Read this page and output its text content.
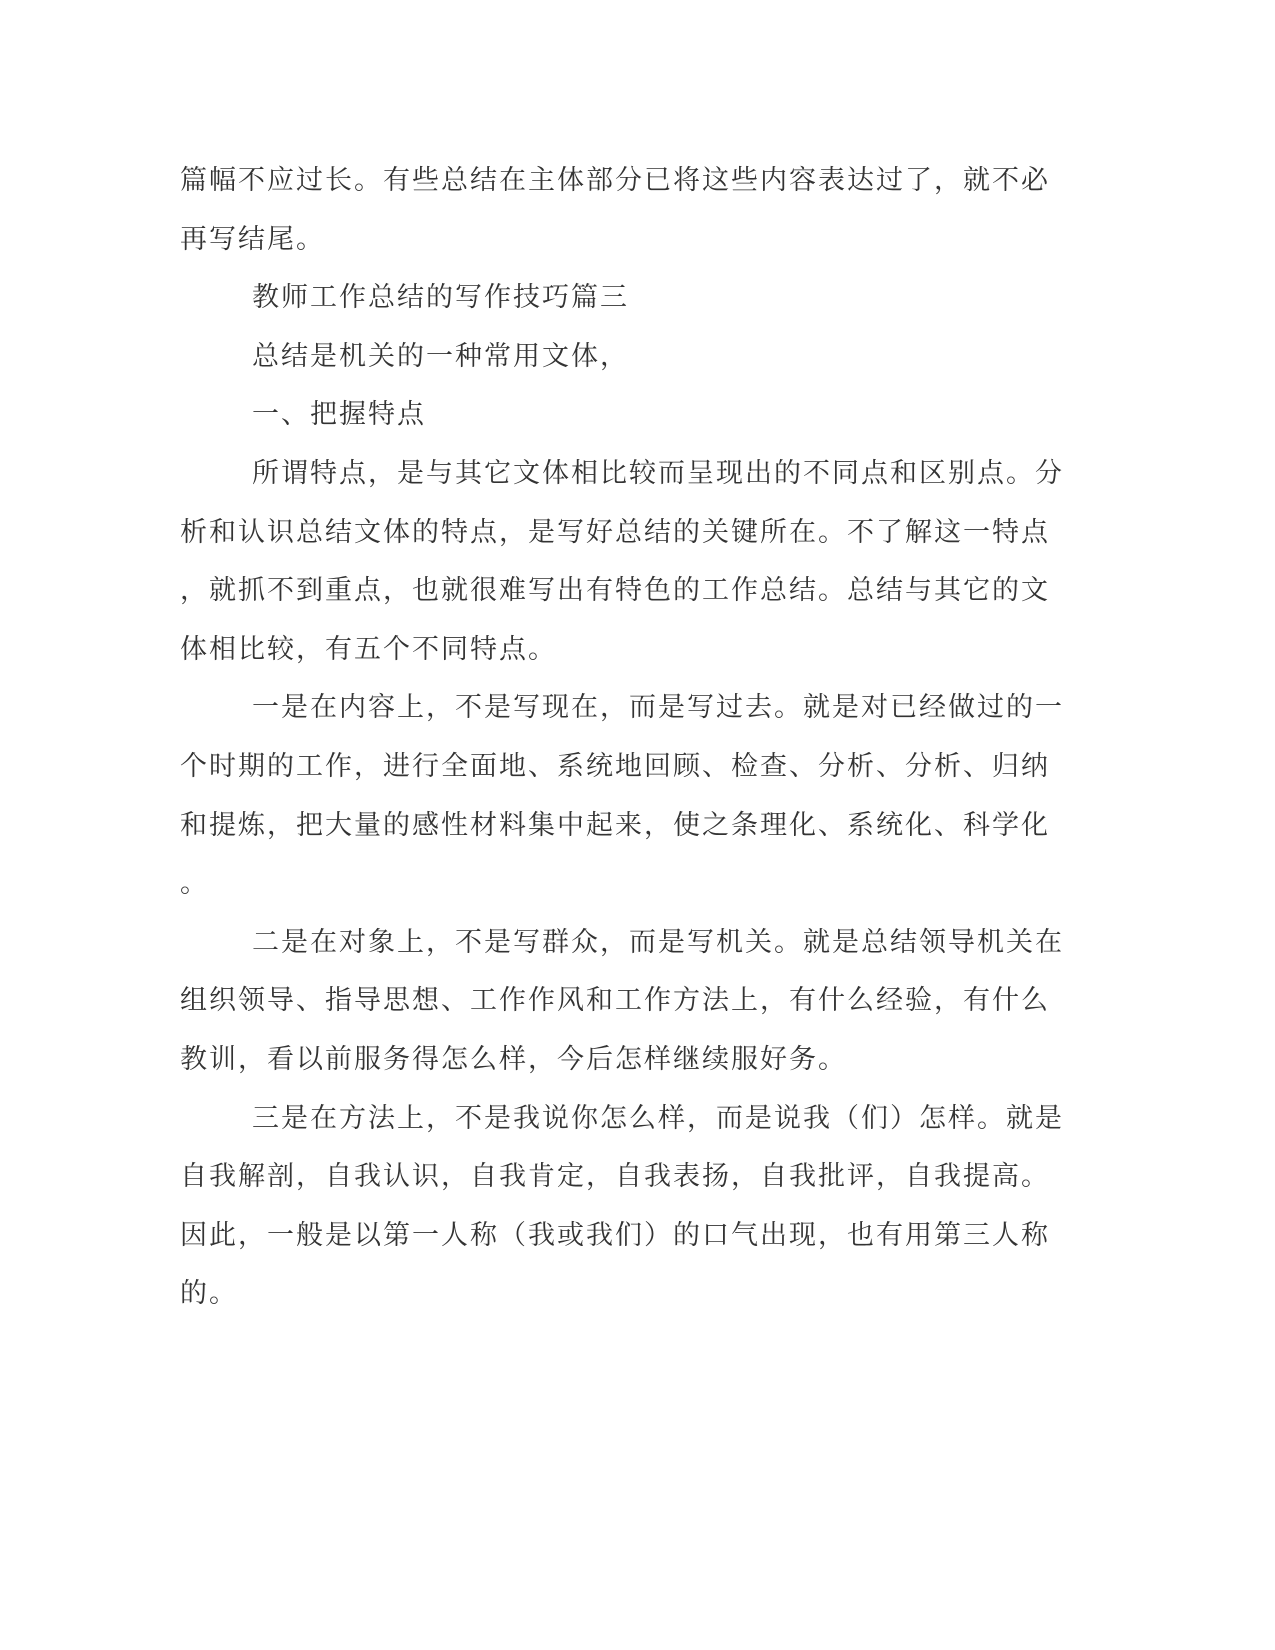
篇幅不应过长。有些总结在主体部分已将这些内容表达过了，就不必
再写结尾。
教师工作总结的写作技巧篇三
总结是机关的一种常用文体，
一、把握特点
所谓特点，是与其它文体相比较而呈现出的不同点和区别点。分
析和认识总结文体的特点，是写好总结的关键所在。不了解这一特点
，就抓不到重点，也就很难写出有特色的工作总结。总结与其它的文
体相比较，有五个不同特点。
一是在内容上，不是写现在，而是写过去。就是对已经做过的一
个时期的工作，进行全面地、系统地回顾、检查、分析、分析、归纳
和提炼，把大量的感性材料集中起来，使之条理化、系统化、科学化
。
二是在对象上，不是写群众，而是写机关。就是总结领导机关在
组织领导、指导思想、工作作风和工作方法上，有什么经验，有什么
教训，看以前服务得怎么样，今后怎样继续服好务。
三是在方法上，不是我说你怎么样，而是说我（们）怎样。就是
自我解剖，自我认识，自我肯定，自我表扬，自我批评，自我提高。
因此，一般是以第一人称（我或我们）的口气出现，也有用第三人称
的。
